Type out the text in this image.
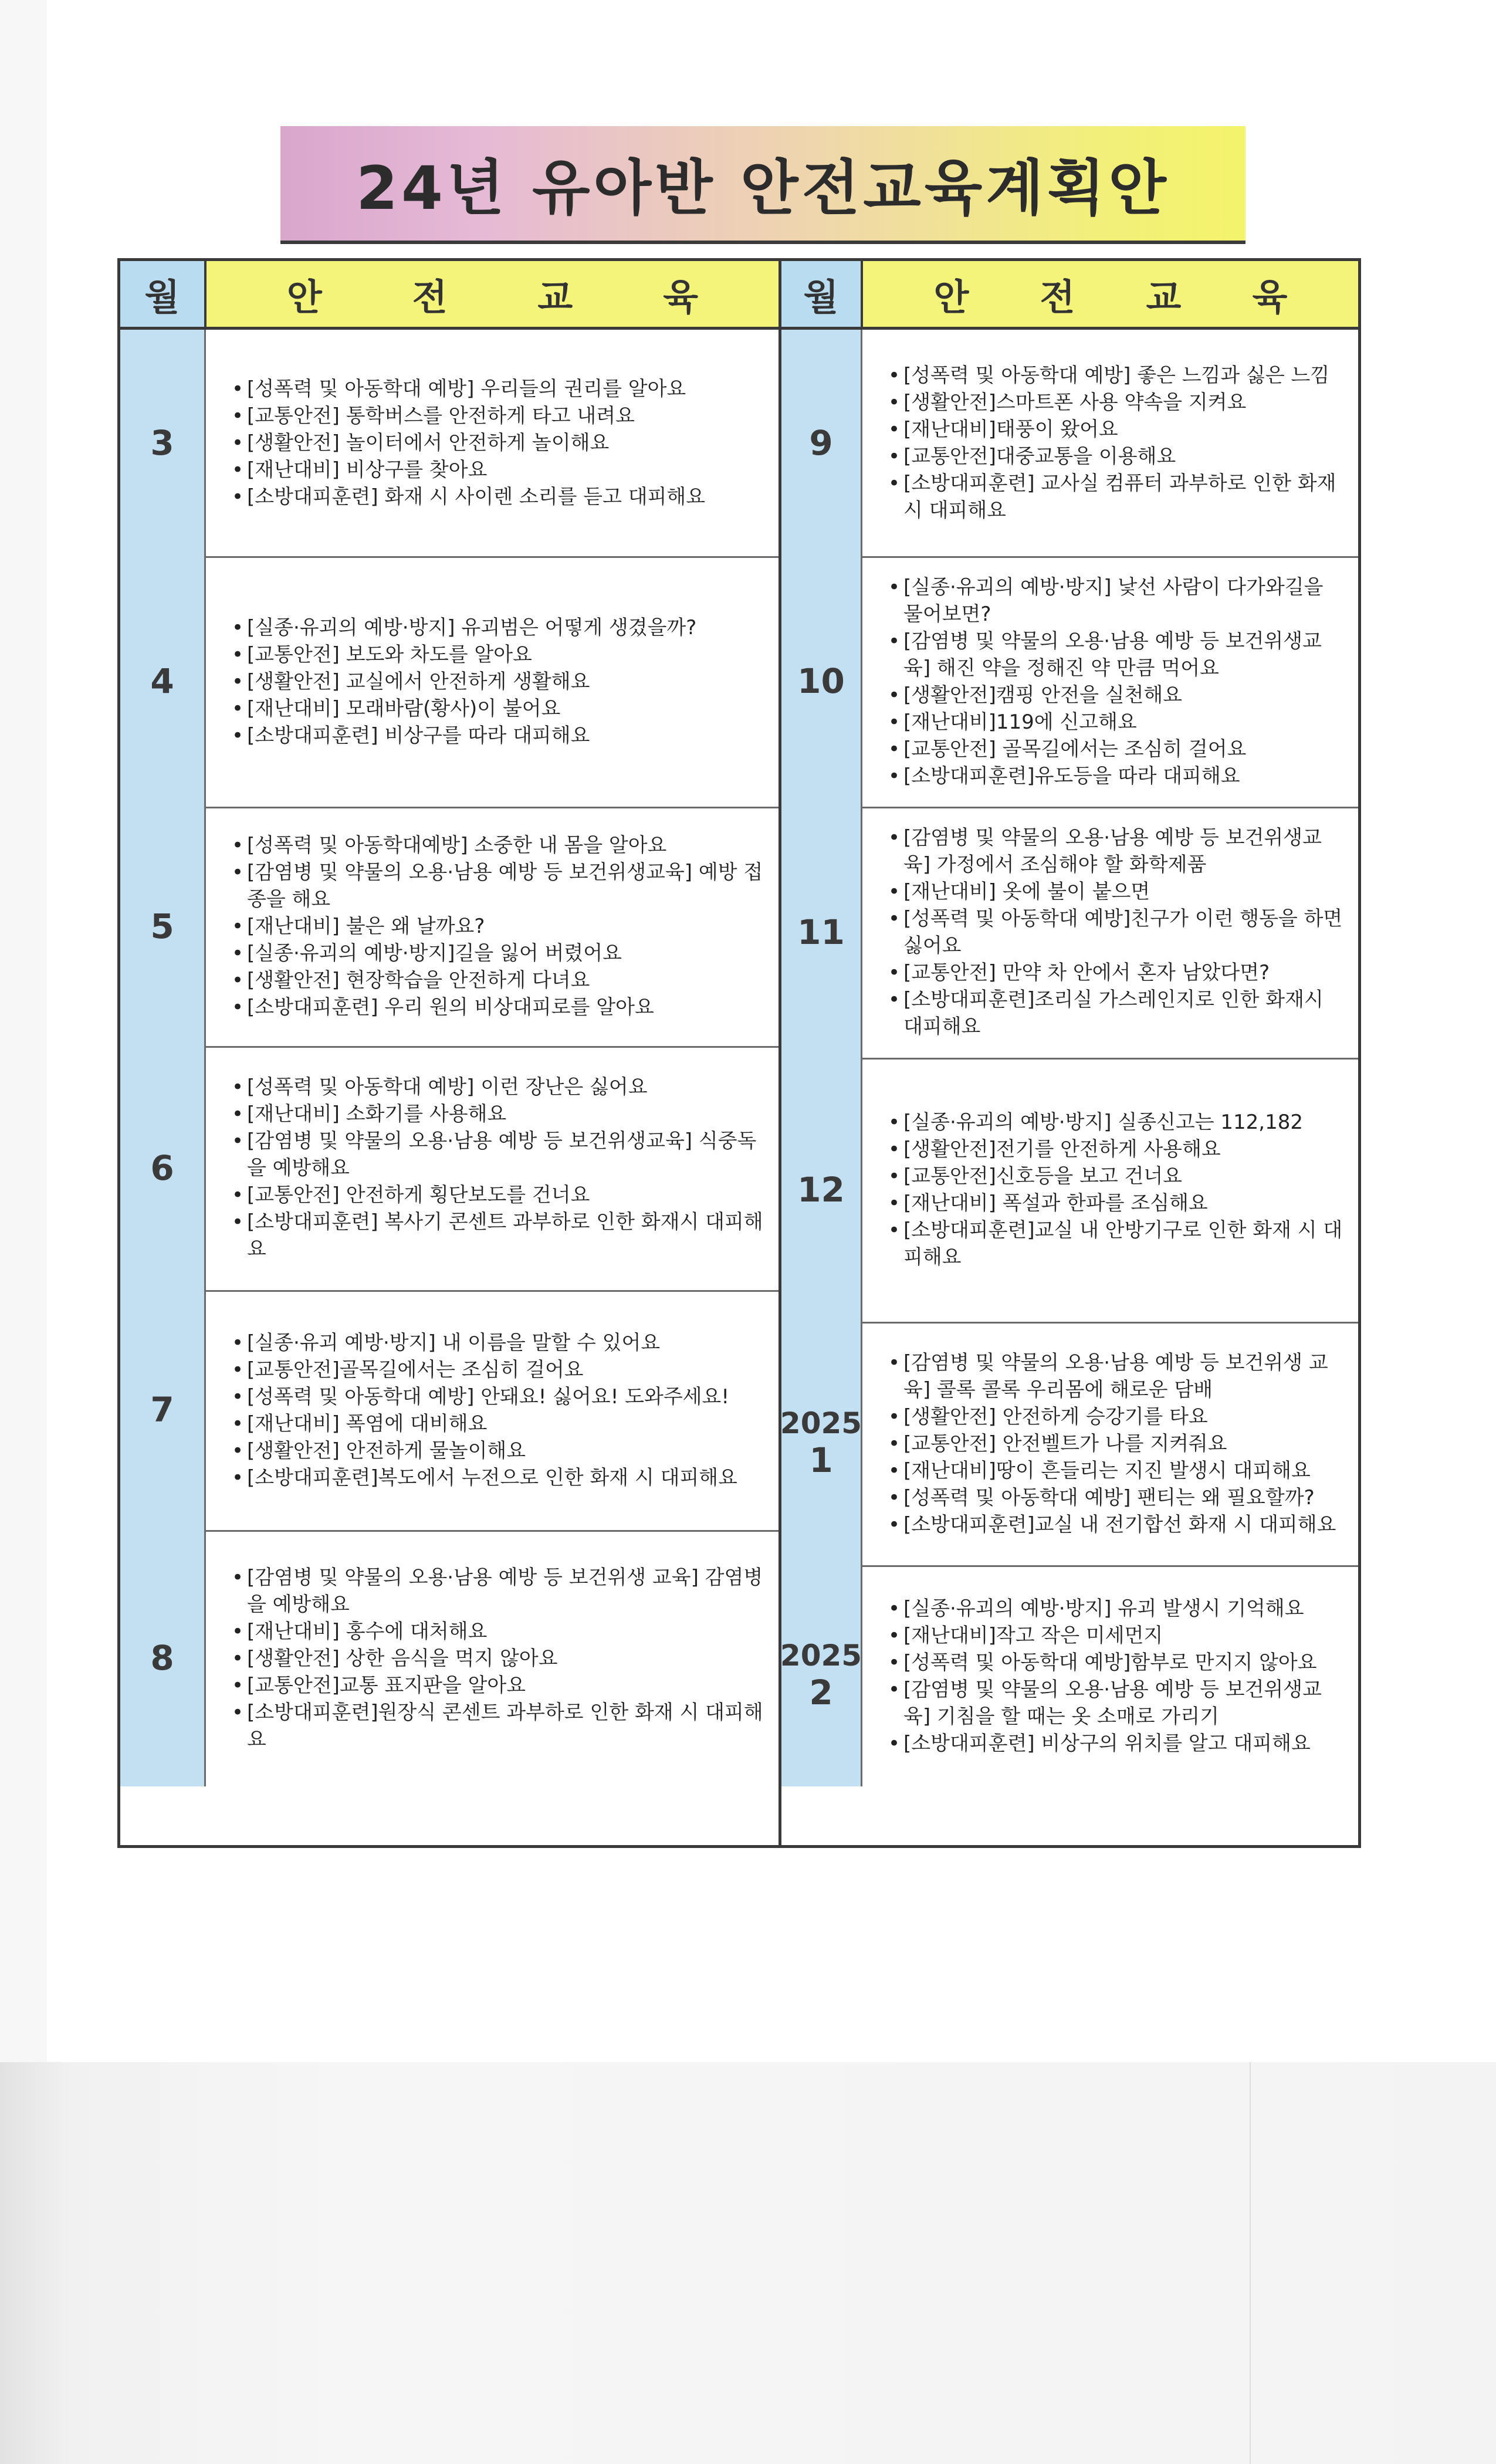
24년 유아반 안전교육계획안
월	안 전 교 육
3
• [성폭력 및 아동학대 예방] 우리들의 권리를 알아요
• [교통안전] 통학버스를 안전하게 타고 내려요
• [생활안전] 놀이터에서 안전하게 놀이해요
• [재난대비] 비상구를 찾아요
• [소방대피훈련] 화재 시 사이렌 소리를 듣고 대피해요
4
• [실종·유괴의 예방·방지] 유괴범은 어떻게 생겼을까?
• [교통안전] 보도와 차도를 알아요
• [생활안전] 교실에서 안전하게 생활해요
• [재난대비] 모래바람(황사)이 불어요
• [소방대피훈련] 비상구를 따라 대피해요
5
• [성폭력 및 아동학대예방] 소중한 내 몸을 알아요
• [감염병 및 약물의 오용·남용 예방 등 보건위생교육] 예방 접종을 해요
• [재난대비] 불은 왜 날까요?
• [실종·유괴의 예방·방지]길을 잃어 버렸어요
• [생활안전] 현장학습을 안전하게 다녀요
• [소방대피훈련] 우리 원의 비상대피로를 알아요
6
• [성폭력 및 아동학대 예방] 이런 장난은 싫어요
• [재난대비] 소화기를 사용해요
• [감염병 및 약물의 오용·남용 예방 등 보건위생교육] 식중독을 예방해요
• [교통안전] 안전하게 횡단보도를 건너요
• [소방대피훈련] 복사기 콘센트 과부하로 인한 화재시 대피해요
7
• [실종·유괴 예방·방지] 내 이름을 말할 수 있어요
• [교통안전]골목길에서는 조심히 걸어요
• [성폭력 및 아동학대 예방] 안돼요! 싫어요! 도와주세요!
• [재난대비] 폭염에 대비해요
• [생활안전] 안전하게 물놀이해요
• [소방대피훈련]복도에서 누전으로 인한 화재 시 대피해요
8
• [감염병 및 약물의 오용·남용 예방 등 보건위생 교육] 감염병을 예방해요
• [재난대비] 홍수에 대처해요
• [생활안전] 상한 음식을 먹지 않아요
• [교통안전]교통 표지판을 알아요
• [소방대피훈련]원장식 콘센트 과부하로 인한 화재 시 대피해요
월	안 전 교 육
9
• [성폭력 및 아동학대 예방] 좋은 느낌과 싫은 느낌
• [생활안전]스마트폰 사용 약속을 지켜요
• [재난대비]태풍이 왔어요
• [교통안전]대중교통을 이용해요
• [소방대피훈련] 교사실 컴퓨터 과부하로 인한 화재 시 대피해요
10
• [실종·유괴의 예방·방지] 낯선 사람이 다가와길을 물어보면?
• [감염병 및 약물의 오용·남용 예방 등 보건위생교육] 해진 약을 정해진 약 만큼 먹어요
• [생활안전]캠핑 안전을 실천해요
• [재난대비]119에 신고해요
• [교통안전] 골목길에서는 조심히 걸어요
• [소방대피훈련]유도등을 따라 대피해요
11
• [감염병 및 약물의 오용·남용 예방 등 보건위생교육] 가정에서 조심해야 할 화학제품
• [재난대비] 옷에 불이 붙으면
• [성폭력 및 아동학대 예방]친구가 이런 행동을 하면 싫어요
• [교통안전] 만약 차 안에서 혼자 남았다면?
• [소방대피훈련]조리실 가스레인지로 인한 화재시 대피해요
12
• [실종·유괴의 예방·방지] 실종신고는 112,182
• [생활안전]전기를 안전하게 사용해요
• [교통안전]신호등을 보고 건너요
• [재난대비] 폭설과 한파를 조심해요
• [소방대피훈련]교실 내 안방기구로 인한 화재 시 대피해요
2025
1
• [감염병 및 약물의 오용·남용 예방 등 보건위생 교육] 콜록 콜록 우리몸에 해로운 담배
• [생활안전] 안전하게 승강기를 타요
• [교통안전] 안전벨트가 나를 지켜줘요
• [재난대비]땅이 흔들리는 지진 발생시 대피해요
• [성폭력 및 아동학대 예방] 팬티는 왜 필요할까?
• [소방대피훈련]교실 내 전기합선 화재 시 대피해요
2025
2
• [실종·유괴의 예방·방지] 유괴 발생시 기억해요
• [재난대비]작고 작은 미세먼지
• [성폭력 및 아동학대 예방]함부로 만지지 않아요
• [감염병 및 약물의 오용·남용 예방 등 보건위생교육] 기침을 할 때는 옷 소매로 가리기
• [소방대피훈련] 비상구의 위치를 알고 대피해요
